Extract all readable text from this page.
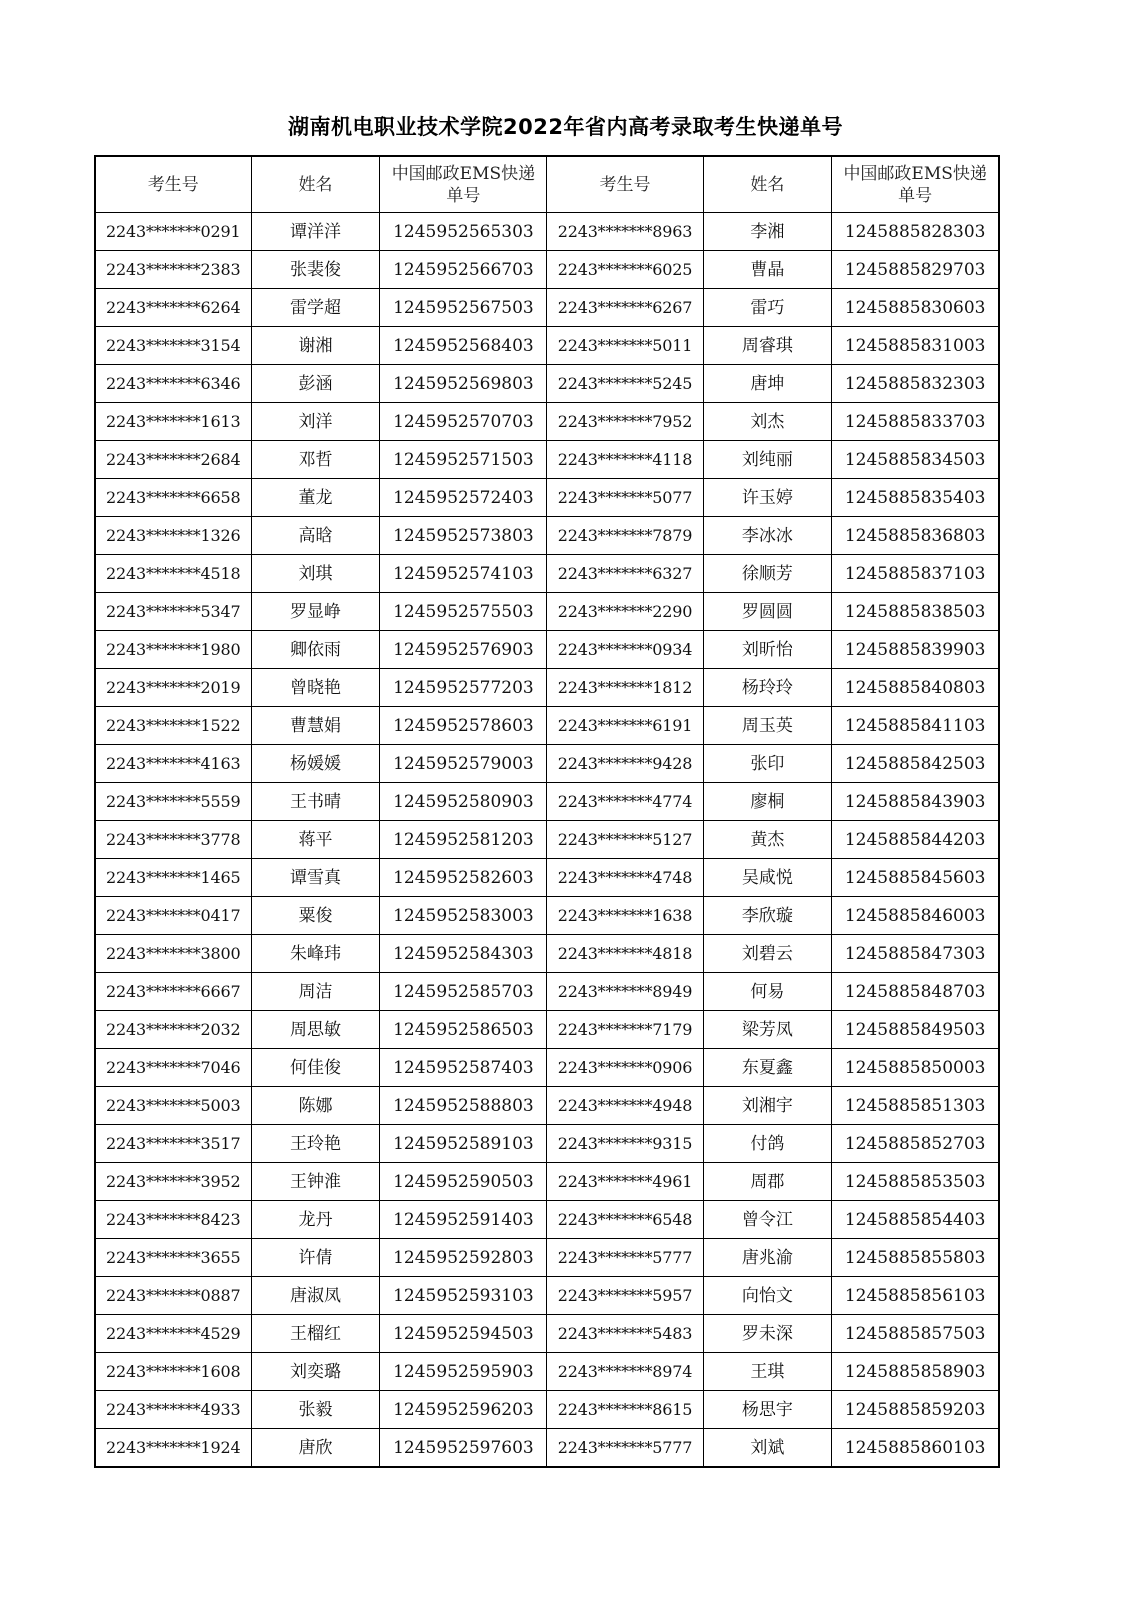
湖南机电职业技术学院2022年省内高考录取考生快递单号
考生号	姓名	中国邮政EMS快递单号	考生号	姓名	中国邮政EMS快递单号
2243*******0291	谭洋洋	1245952565303	2243*******8963	李湘	1245885828303
2243*******2383	张裴俊	1245952566703	2243*******6025	曹晶	1245885829703
2243*******6264	雷学超	1245952567503	2243*******6267	雷巧	1245885830603
2243*******3154	谢湘	1245952568403	2243*******5011	周睿琪	1245885831003
2243*******6346	彭涵	1245952569803	2243*******5245	唐坤	1245885832303
2243*******1613	刘洋	1245952570703	2243*******7952	刘杰	1245885833703
2243*******2684	邓哲	1245952571503	2243*******4118	刘纯丽	1245885834503
2243*******6658	董龙	1245952572403	2243*******5077	许玉婷	1245885835403
2243*******1326	高晗	1245952573803	2243*******7879	李冰冰	1245885836803
2243*******4518	刘琪	1245952574103	2243*******6327	徐顺芳	1245885837103
2243*******5347	罗显峥	1245952575503	2243*******2290	罗圆圆	1245885838503
2243*******1980	卿依雨	1245952576903	2243*******0934	刘昕怡	1245885839903
2243*******2019	曾晓艳	1245952577203	2243*******1812	杨玲玲	1245885840803
2243*******1522	曹慧娟	1245952578603	2243*******6191	周玉英	1245885841103
2243*******4163	杨媛媛	1245952579003	2243*******9428	张印	1245885842503
2243*******5559	王书晴	1245952580903	2243*******4774	廖桐	1245885843903
2243*******3778	蒋平	1245952581203	2243*******5127	黄杰	1245885844203
2243*******1465	谭雪真	1245952582603	2243*******4748	吴咸悦	1245885845603
2243*******0417	粟俊	1245952583003	2243*******1638	李欣璇	1245885846003
2243*******3800	朱峰玮	1245952584303	2243*******4818	刘碧云	1245885847303
2243*******6667	周洁	1245952585703	2243*******8949	何易	1245885848703
2243*******2032	周思敏	1245952586503	2243*******7179	梁芳凤	1245885849503
2243*******7046	何佳俊	1245952587403	2243*******0906	东夏鑫	1245885850003
2243*******5003	陈娜	1245952588803	2243*******4948	刘湘宇	1245885851303
2243*******3517	王玲艳	1245952589103	2243*******9315	付鸽	1245885852703
2243*******3952	王钟淮	1245952590503	2243*******4961	周郡	1245885853503
2243*******8423	龙丹	1245952591403	2243*******6548	曾令江	1245885854403
2243*******3655	许倩	1245952592803	2243*******5777	唐兆渝	1245885855803
2243*******0887	唐淑凤	1245952593103	2243*******5957	向怡文	1245885856103
2243*******4529	王榴红	1245952594503	2243*******5483	罗未深	1245885857503
2243*******1608	刘奕璐	1245952595903	2243*******8974	王琪	1245885858903
2243*******4933	张毅	1245952596203	2243*******8615	杨思宇	1245885859203
2243*******1924	唐欣	1245952597603	2243*******5777	刘斌	1245885860103
